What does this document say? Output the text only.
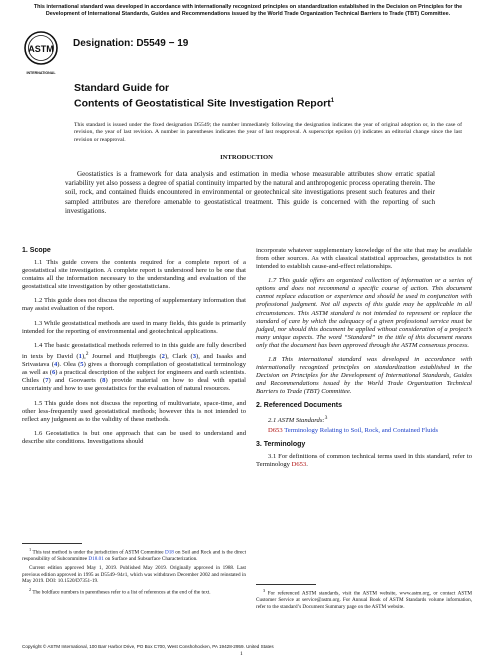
This international standard was developed in accordance with internationally recognized principles on standardization established in the Decision on Principles for the Development of International Standards, Guides and Recommendations issued by the World Trade Organization Technical Barriers to Trade (TBT) Committee.
ASTM
INTERNATIONAL
Designation: D5549 − 19
Standard Guide for
Contents of Geostatistical Site Investigation Report$^1$
This standard is issued under the fixed designation D5549; the number immediately following the designation indicates the year of original adoption or, in the case of revision, the year of last revision. A number in parentheses indicates the year of last reapproval. A superscript epsilon (ε) indicates an editorial change since the last revision or reapproval.
INTRODUCTION
Geostatistics is a framework for data analysis and estimation in media whose measurable attributes show erratic spatial variability yet also possess a degree of spatial continuity imparted by the natural and anthropogenic process operating therein. The soil, rock, and contained fluids encountered in environmental or geotechnical site investigations present such features and their sampled attributes are therefore amenable to geostatistical treatment. This guide is concerned with the reporting of such investigations.
1. Scope

1.1 This guide covers the contents required for a complete report of a geostatistical site investigation. A complete report is understood here to be one that contains all the information necessary to the understanding and evaluation of the geostatistical site investigation by other geostatisticians.

1.2 This guide does not discuss the reporting of supplementary information that may assist evaluation of the report.

1.3 While geostatistical methods are used in many fields, this guide is primarily intended for the reporting of environmental and geotechnical applications.

1.4 The basic geostatistical methods referred to in this guide are fully described in texts by David (1),$^2$ Journel and Huijbregts (2), Clark (3), and Isaaks and Srivastava (4). Olea (5) gives a thorough compilation of geostatistical terminology as well as (6) a practical description of the subject for engineers and earth scientists. Chiles (7) and Goovaerts (8) provide material on how to deal with spatial uncertainty and how to use geostatistics for the evaluation of natural resources.

1.5 This guide does not discuss the reporting of multivariate, space-time, and other less-frequently used geostatistical methods; however this is not intended to reflect any judgment as to the validity of these methods.

1.6 Geostatistics is but one approach that can be used to understand and describe site conditions. Investigations should

$^1$ This test method is under the jurisdiction of ASTM Committee D18 on Soil and Rock and is the direct responsibility of Subcommittee D18.01 on Surface and Subsurface Characterization.

Current edition approved May 1, 2019. Published May 2019. Originally approved in 1988. Last previous edition approved in 1995 as D5549–94ε1, which was withdrawn December 2002 and reinstated in May 2019. DOI: 10.1520/D7351-19.

$^2$ The boldface numbers in parentheses refer to a list of references at the end of the text.

incorporate whatever supplementary knowledge of the site that may be available from other sources. As with classical statistical approaches, geostatistics is not intended to establish cause-and-effect relationships.

1.7 This guide offers an organized collection of information or a series of options and does not recommend a specific course of action. This document cannot replace education or experience and should be used in conjunction with professional judgment. Not all aspects of this guide may be applicable in all circumstances. This ASTM standard is not intended to represent or replace the standard of care by which the adequacy of a given professional service must be judged, nor should this document be applied without consideration of a project’s many unique aspects. The word “Standard” in the title of this document means only that the document has been approved through the ASTM consensus process.

1.8 This international standard was developed in accordance with internationally recognized principles on standardization established in the Decision on Principles for the Development of International Standards, Guides and Recommendations issued by the World Trade Organization Technical Barriers to Trade (TBT) Committee.

2. Referenced Documents

2.1 ASTM Standards:$^3$

D653 Terminology Relating to Soil, Rock, and Contained Fluids

3. Terminology

3.1 For definitions of common technical terms used in this standard, refer to Terminology D653.

$^3$ For referenced ASTM standards, visit the ASTM website, www.astm.org, or contact ASTM Customer Service at service@astm.org. For Annual Book of ASTM Standards volume information, refer to the standard’s Document Summary page on the ASTM website.

Copyright © ASTM International, 100 Barr Harbor Drive, PO Box C700, West Conshohocken, PA 19428-2959. United States
1
